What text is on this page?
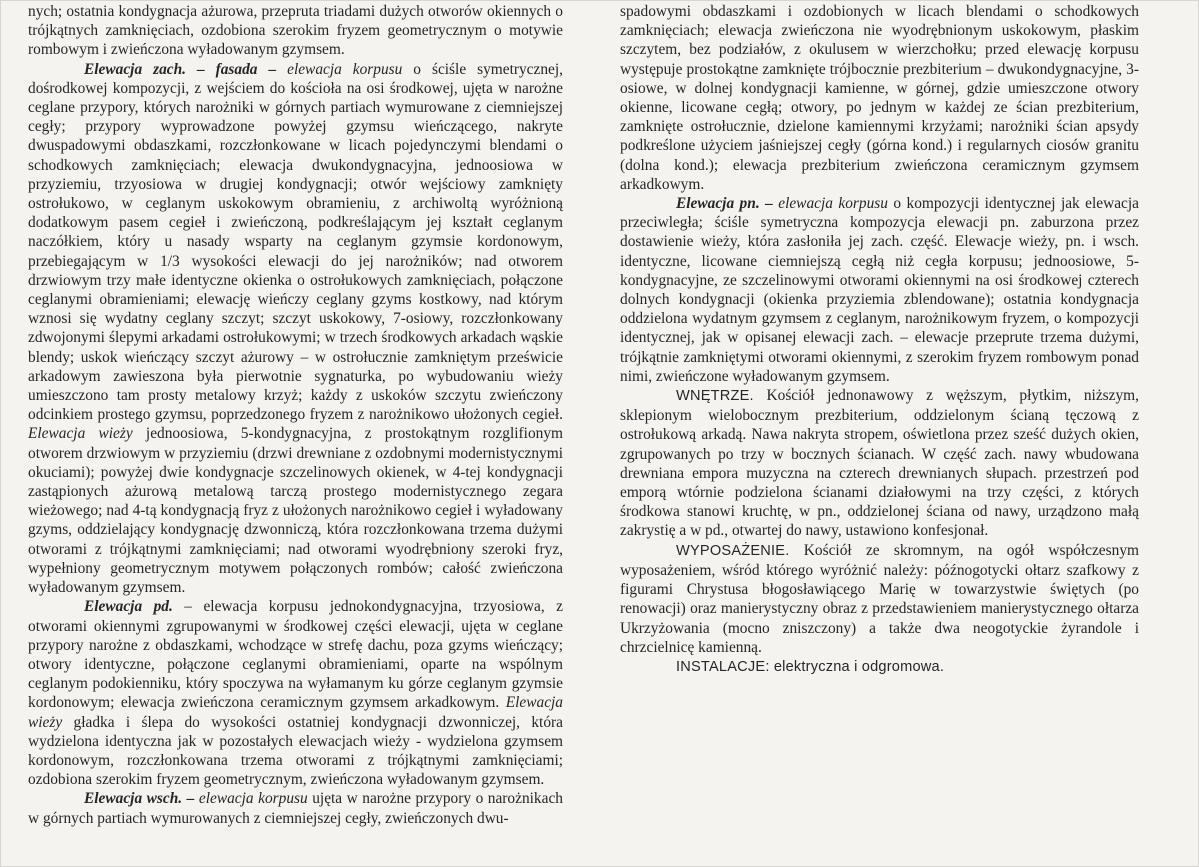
nych; ostatnia kondygnacja ażurowa, przeprutа triadami dużych otworów okiennych o trójkątnych zamknięciach, ozdobiona szerokim fryzem geometrycznym o motywie rombowym i zwieńczona wyładowanym gzymsem.

Elewacja zach. – fasada – elewacja korpusu o ściśle symetrycznej, dośrodkowej kompozycji, z wejściem do kościoła na osi środkowej, ujęta w narożne ceglane przypory, których narożniki w górnych partiach wymurowane z ciemniejszej cegły; przypory wyprowadzone powyżej gzymsu wieńczącego, nakryte dwuspadowymi obdaszkami, rozczłonkowane w licach pojedynczymi blendami o schodkowych zamknięciach; elewacja dwukondygnacyjna, jednoosiowa w przyziemiu, trzyosiowa w drugiej kondygnacji; otwór wejściowy zamknięty ostrołukowo, w ceglanym uskokowym obramieniu, z archiwoltą wyróżnioną dodatkowym pasem cegieł i zwieńczoną, podkreślającym jej kształt ceglanym naczółkiem, który u nasady wsparty na ceglanym gzymsie kordonowym, przebiegającym w 1/3 wysokości elewacji do jej narożników; nad otworem drzwiowym trzy małe identyczne okienka o ostrołukowych zamknięciach, połączone ceglanymi obramieniami; elewację wieńczy ceglany gzyms kostkowy, nad którym wznosi się wydatny ceglany szczyt; szczyt uskokowy, 7-osiowy, rozczłonkowany zdwojonymi ślepymi arkadami ostrołukowymi; w trzech środkowych arkadach wąskie blendy; uskok wieńczący szczyt ażurowy – w ostrołucznie zamkniętym prześwicie arkadowym zawieszona była pierwotnie sygnaturka, po wybudowaniu wieży umieszczono tam prosty metalowy krzyż; każdy z uskoków szczytu zwieńczony odcinkiem prostego gzymsu, poprzedzonego fryzem z narożnikowo ułożonych cegieł. Elewacja wieży jednoosiowa, 5-kondygnacyjna, z prostokątnym rozglifionym otworem drzwiowym w przyziemiu (drzwi drewniane z ozdobnymi modernistycznymi okuciami); powyżej dwie kondygnacje szczelinowych okienek, w 4-tej kondygnacji zastąpionych ażurową metalową tarczą prostego modernistycznego zegara wieżowego; nad 4-tą kondygnacją fryz z ułożonych narożnikowo cegieł i wyładowany gzyms, oddzielający kondygnację dzwonniczą, która rozczłonkowana trzema dużymi otworami z trójkątnymi zamknięciami; nad otworami wyodrębniony szeroki fryz, wypełniony geometrycznym motywem połączonych rombów; całość zwieńczona wyładowanym gzymsem.

Elewacja pd. – elewacja korpusu jednokondygnacyjna, trzyosiowa, z otworami okiennymi zgrupowanymi w środkowej części elewacji, ujęta w ceglane przypory narożne z obdaszkami, wchodzące w strefę dachu, poza gzyms wieńczący; otwory identyczne, połączone ceglanymi obramieniami, oparte na wspólnym ceglanym podokienniku, który spoczywa na wyłamanym ku górze ceglanym gzymsie kordonowym; elewacja zwieńczona ceramicznym gzymsem arkadkowym. Elewacja wieży gładka i ślepa do wysokości ostatniej kondygnacji dzwonniczej, która wydzielona identyczna jak w pozostałych elewacjach wieży - wydzielona gzymsem kordonowym, rozczłonkowana trzema otworami z trójkątnymi zamknięciami; ozdobiona szerokim fryzem geometrycznym, zwieńczona wyładowanym gzymsem.

Elewacja wsch. – elewacja korpusu ujęta w narożne przypory o narożnikach w górnych partiach wymurowanych z ciemniejszej cegły, zwieńczonych dwu-

spadowymi obdaszkami i ozdobionych w licach blendami o schodkowych zamknięciach; elewacja zwieńczona nie wyodrębnionym uskokowym, płaskim szczytem, bez podziałów, z okulusem w wierzchołku; przed elewację korpusu występuje prostokątne zamknięte trójbocznie prezbiterium – dwukondygnacyjne, 3-osiowe, w dolnej kondygnacji kamienne, w górnej, gdzie umieszczone otwory okienne, licowane cegłą; otwory, po jednym w każdej ze ścian prezbiterium, zamknięte ostrołucznie, dzielone kamiennymi krzyżami; narożniki ścian apsydy podkreślone użyciem jaśniejszej cegły (górna kond.) i regularnych ciosów granitu (dolna kond.); elewacja prezbiterium zwieńczona ceramicznym gzymsem arkadkowym.

Elewacja pn. – elewacja korpusu o kompozycji identycznej jak elewacja przeciwległa; ściśle symetryczna kompozycja elewacji pn. zaburzona przez dostawienie wieży, która zasłoniła jej zach. część. Elewacje wieży, pn. i wsch. identyczne, licowane ciemniejszą cegłą niż cegła korpusu; jednoosiowe, 5-kondygnacyjne, ze szczelinowymi otworami okiennymi na osi środkowej czterech dolnych kondygnacji (okienka przyziemia zblendowane); ostatnia kondygnacja oddzielona wydatnym gzymsem z ceglanym, narożnikowym fryzem, o kompozycji identycznej, jak w opisanej elewacji zach. – elewacje przeprute trzema dużymi, trójkątnie zamkniętymi otworami okiennymi, z szerokim fryzem rombowym ponad nimi, zwieńczone wyładowanym gzymsem.

WNĘTRZE. Kościół jednonawowy z węższym, płytkim, niższym, sklepionym wielobocznym prezbiterium, oddzielonym ścianą tęczową z ostrołukową arkadą. Nawa nakryta stropem, oświetlona przez sześć dużych okien, zgrupowanych po trzy w bocznych ścianach. W część zach. nawy wbudowana drewniana empora muzyczna na czterech drewnianych słupach. przestrzeń pod emporą wtórnie podzielona ścianami działowymi na trzy części, z których środkowa stanowi kruchtę, w pn., oddzielonej ściana od nawy, urządzono małą zakrystię a w pd., otwartej do nawy, ustawiono konfesjonał.

WYPOSAŻENIE. Kościół ze skromnym, na ogół współczesnym wyposażeniem, wśród którego wyróżnić należy: późnogotycki ołtarz szafkowy z figurami Chrystusa błogosławiącego Marię w towarzystwie świętych (po renowacji) oraz manierystyczny obraz z przedstawieniem manierystycznego ołtarza Ukrzyżowania (mocno zniszczony) a także dwa neogotyckie żyrandole i chrzcielnicę kamienną.

INSTALACJE: elektryczna i odgromowa.
